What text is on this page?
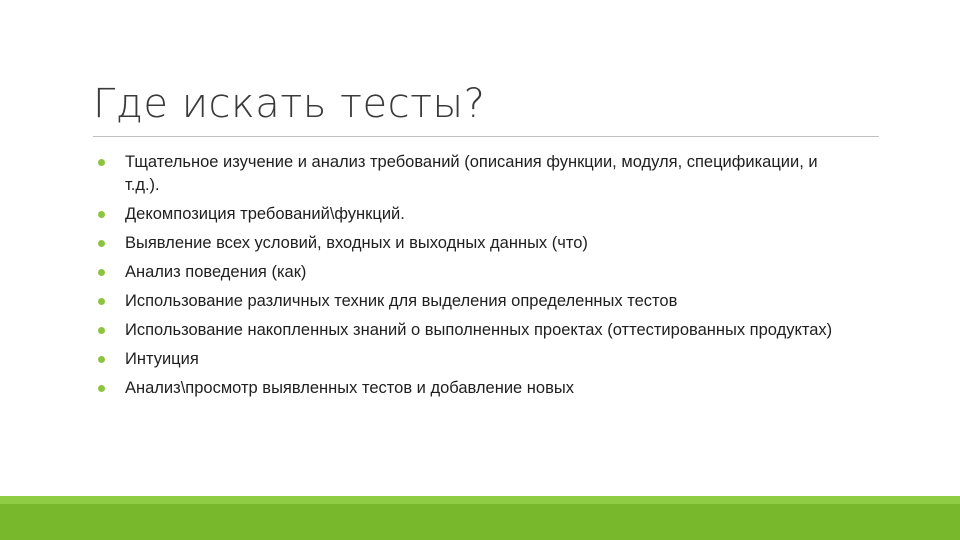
Где искать тесты?
Тщательное изучение и анализ требований (описания функции, модуля, спецификации, и т.д.).
Декомпозиция требований\функций.
Выявление всех условий, входных и выходных данных (что)
Анализ поведения (как)
Использование различных техник для выделения определенных тестов
Использование накопленных знаний о выполненных проектах (оттестированных продуктах)
Интуиция
Анализ\просмотр выявленных тестов и добавление новых
